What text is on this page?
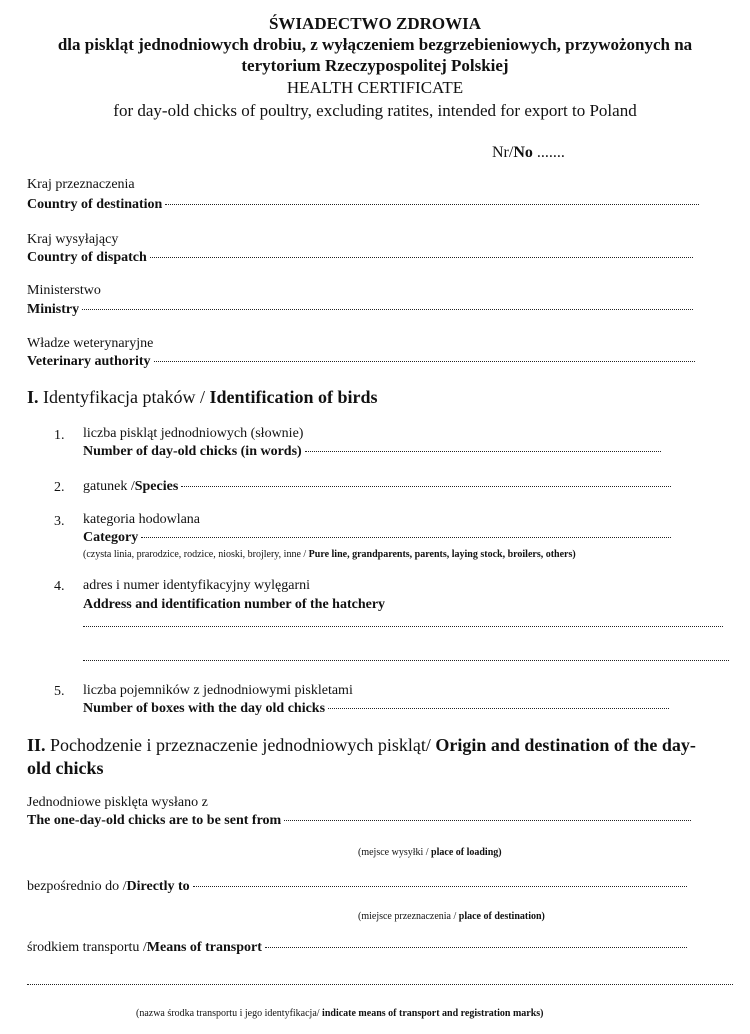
ŚWIADECTWO ZDROWIA
dla piskląt jednodniowych drobiu, z wyłączeniem bezgrzebieniowych, przywożonych na
terytorium Rzeczypospolitej Polskiej
HEALTH CERTIFICATE
for day-old chicks of poultry, excluding ratites, intended for export to Poland
Nr/No .......
Kraj przeznaczenia
Country of destination
Kraj wysyłający
Country of dispatch
Ministerstwo
Ministry
Władze weterynaryjne
Veterinary authority
I. Identyfikacja ptaków / Identification of birds
1. liczba piskląt jednodniowych (słownie)
Number of day-old chicks (in words)
2. gatunek / Species
3. kategoria hodowlana
Category
(czysta linia, prarodzice, rodzice, nioski, brojlery, inne / Pure line, grandparents, parents, laying stock, broilers, others)
4. adres i numer identyfikacyjny wylęgarni
Address and identification number of the hatchery
5. liczba pojemników z jednodniowymi piskletami
Number of boxes with the day old chicks
II. Pochodzenie i przeznaczenie jednodniowych piskląt/ Origin and destination of the day-
old chicks
Jednodniowe pisklęta wysłano z
The one-day-old chicks are to be sent from
(mejsce wysyłki / place of loading)
bezpośrednio do / Directly to
(miejsce przeznaczenia / place of destination)
środkiem transportu / Means of transport
(nazwa środka transportu i jego identyfikacja/ indicate means of transport and registration marks)
